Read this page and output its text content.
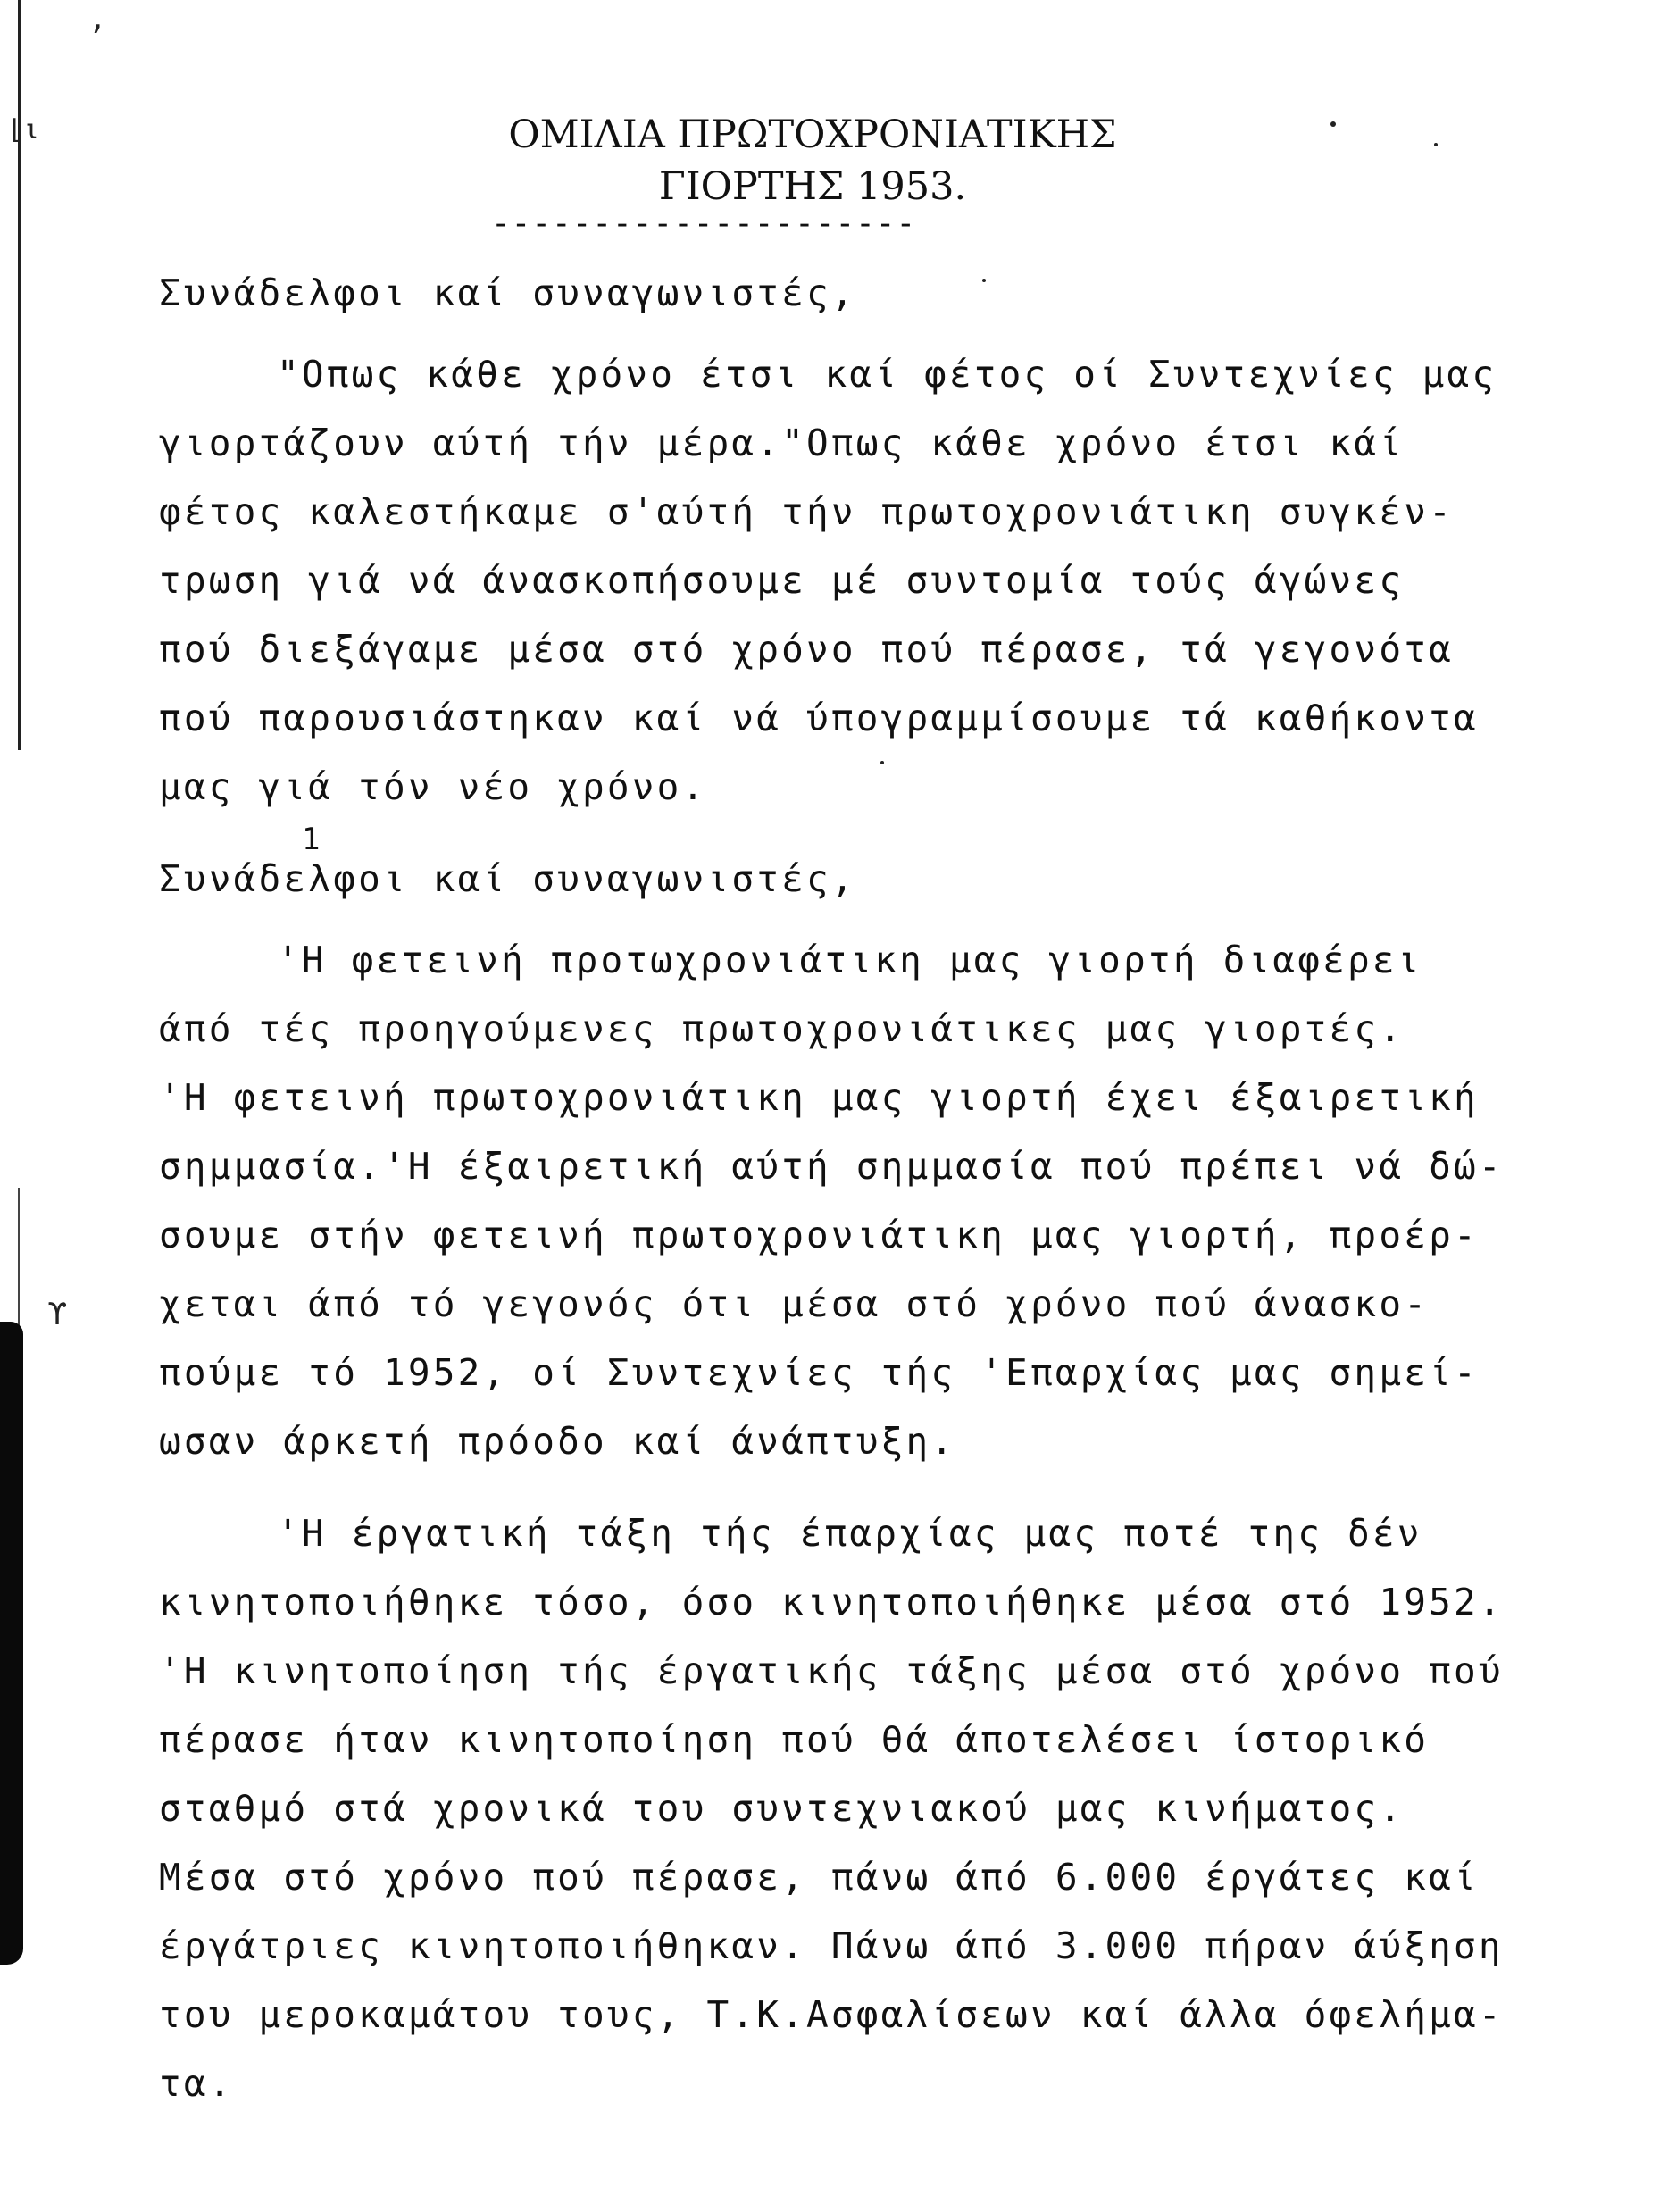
ʼ
⌊ι
ϒ
ΟΜΙΛΙΑ ΠΡΩΤΟΧΡΟΝΙΑΤΙΚΗΣ
ΓΙΟΡΤΗΣ 1953.
---------------------
1
Συνάδελφοι καί συναγωνιστές,
"Οπως κάθε χρόνο έτσι καί φέτος οί Συντεχνίες μας
γιορτάζουν αύτή τήν μέρα."Οπως κάθε χρόνο έτσι κάί
φέτος καλεστήκαμε σ'αύτή τήν πρωτοχρονιάτικη συγκέν-
τρωση γιά νά άνασκοπήσουμε μέ συντομία τούς άγώνες
πού διεξάγαμε μέσα στό χρόνο πού πέρασε, τά γεγονότα
πού παρουσιάστηκαν καί νά ύπογραμμίσουμε τά καθήκοντα
μας γιά τόν νέο χρόνο.
Συνάδελφοι καί συναγωνιστές,
'Η φετεινή προτωχρονιάτικη μας γιορτή διαφέρει
άπό τές προηγούμενες πρωτοχρονιάτικες μας γιορτές.
'Η φετεινή πρωτοχρονιάτικη μας γιορτή έχει έξαιρετική
σημμασία.'Η έξαιρετική αύτή σημμασία πού πρέπει νά δώ-
σουμε στήν φετεινή πρωτοχρονιάτικη μας γιορτή, προέρ-
χεται άπό τό γεγονός ότι μέσα στό χρόνο πού άνασκο-
πούμε τό 1952, οί Συντεχνίες τής 'Επαρχίας μας σημεί-
ωσαν άρκετή πρόοδο καί άνάπτυξη.
'Η έργατική τάξη τής έπαρχίας μας ποτέ της δέν
κινητοποιήθηκε τόσο, όσο κινητοποιήθηκε μέσα στό 1952.
'Η κινητοποίηση τής έργατικής τάξης μέσα στό χρόνο πού
πέρασε ήταν κινητοποίηση πού θά άποτελέσει ίστορικό
σταθμό στά χρονικά του συντεχνιακού μας κινήματος.
Μέσα στό χρόνο πού πέρασε, πάνω άπό 6.000 έργάτες καί
έργάτριες κινητοποιήθηκαν. Πάνω άπό 3.000 πήραν άύξηση
του μεροκαμάτου τους, Τ.Κ.Ασφαλίσεων καί άλλα όφελήμα-
τα.
